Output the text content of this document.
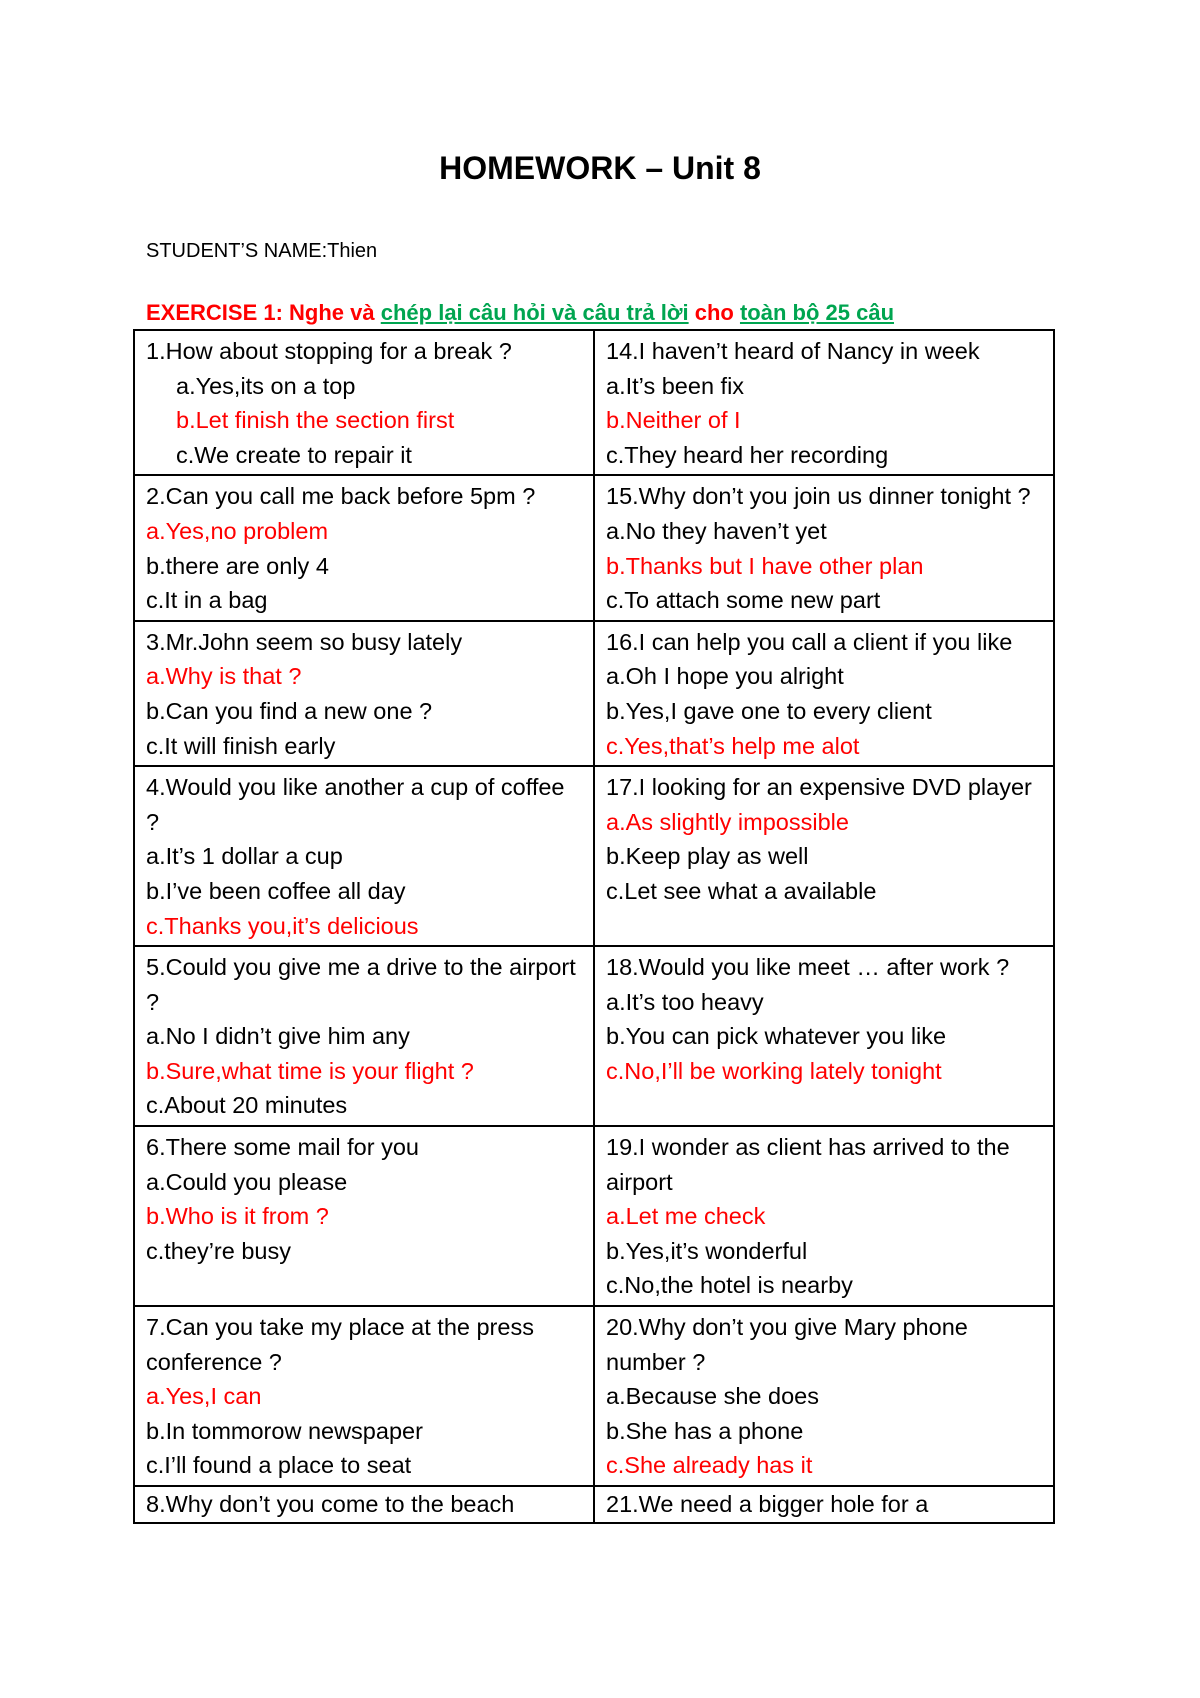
HOMEWORK – Unit 8
STUDENT’S NAME:Thien
EXERCISE 1: Nghe và chép lại câu hỏi và câu trả lời cho toàn bộ 25 câu
1.How about stopping for a break ?
a.Yes,its on a top
b.Let finish the section first
c.We create to repair it	14.I haven’t heard of Nancy in week
a.It’s been fix
b.Neither of I
c.They heard her recording

2.Can you call me back before 5pm ?
a.Yes,no problem
b.there are only 4
c.It in a bag	15.Why don’t you join us dinner tonight ?
a.No they haven’t yet
b.Thanks but I have other plan
c.To attach some new part

3.Mr.John seem so busy lately
a.Why is that ?
b.Can you find a new one ?
c.It will finish early	16.I can help you call a client if you like
a.Oh I hope you alright
b.Yes,I gave one to every client
c.Yes,that’s help me alot

4.Would you like another a cup of coffee ?
a.It’s 1 dollar a cup
b.I’ve been coffee all day
c.Thanks you,it’s delicious	17.I looking for an expensive DVD player
a.As slightly impossible
b.Keep play as well
c.Let see what a available

5.Could you give me a drive to the airport ?
a.No I didn’t give him any
b.Sure,what time is your flight ?
c.About 20 minutes	18.Would you like meet … after work ?
a.It’s too heavy
b.You can pick whatever you like
c.No,I’ll be working lately tonight

6.There some mail for you
a.Could you please
b.Who is it from ?
c.they’re busy	19.I wonder as client has arrived to the airport
a.Let me check
b.Yes,it’s wonderful
c.No,the hotel is nearby

7.Can you take my place at the press conference ?
a.Yes,I can
b.In tommorow newspaper
c.I’ll found a place to seat	20.Why don’t you give Mary phone number ?
a.Because she does
b.She has a phone
c.She already has it

8.Why don’t you come to the beach	21.We need a bigger hole for a
